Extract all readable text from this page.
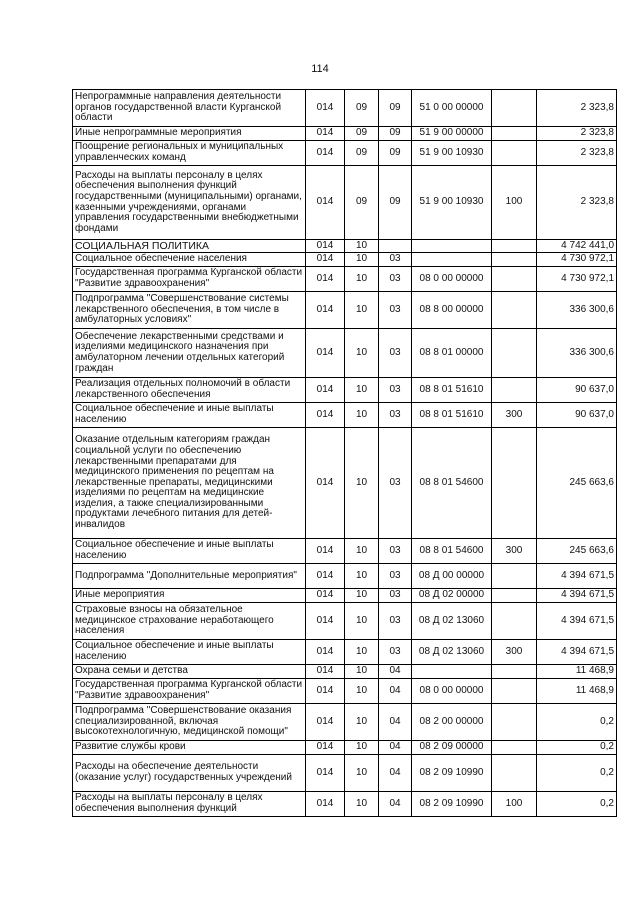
114
Непрограммные направления деятельности органов государственной власти Курганской области	014	09	09	51 0 00 00000		2 323,8
Иные непрограммные мероприятия	014	09	09	51 9 00 00000		2 323,8
Поощрение региональных и муниципальных управленческих команд	014	09	09	51 9 00 10930		2 323,8
Расходы на выплаты персоналу в целях обеспечения выполнения функций государственными (муниципальными) органами, казенными учреждениями, органами управления государственными внебюджетными фондами	014	09	09	51 9 00 10930	100	2 323,8
СОЦИАЛЬНАЯ ПОЛИТИКА	014	10				4 742 441,0
Социальное обеспечение населения	014	10	03			4 730 972,1
Государственная программа Курганской области "Развитие здравоохранения"	014	10	03	08 0 00 00000		4 730 972,1
Подпрограмма "Совершенствование системы лекарственного обеспечения, в том числе в амбулаторных условиях"	014	10	03	08 8 00 00000		336 300,6
Обеспечение лекарственными средствами и изделиями медицинского назначения при амбулаторном лечении отдельных категорий граждан	014	10	03	08 8 01 00000		336 300,6
Реализация отдельных полномочий в области лекарственного обеспечения	014	10	03	08 8 01 51610		90 637,0
Социальное обеспечение и иные выплаты населению	014	10	03	08 8 01 51610	300	90 637,0
Оказание отдельным категориям граждан социальной услуги по обеспечению лекарственными препаратами для медицинского применения по рецептам на лекарственные препараты, медицинскими изделиями по рецептам на медицинские изделия, а также специализированными продуктами лечебного питания для детей-инвалидов	014	10	03	08 8 01 54600		245 663,6
Социальное обеспечение и иные выплаты населению	014	10	03	08 8 01 54600	300	245 663,6
Подпрограмма "Дополнительные мероприятия"	014	10	03	08 Д 00 00000		4 394 671,5
Иные мероприятия	014	10	03	08 Д 02 00000		4 394 671,5
Страховые взносы на обязательное медицинское страхование неработающего населения	014	10	03	08 Д 02 13060		4 394 671,5
Социальное обеспечение и иные выплаты населению	014	10	03	08 Д 02 13060	300	4 394 671,5
Охрана семьи и детства	014	10	04			11 468,9
Государственная программа Курганской области "Развитие здравоохранения"	014	10	04	08 0 00 00000		11 468,9
Подпрограмма "Совершенствование оказания специализированной, включая высокотехнологичную, медицинской помощи"	014	10	04	08 2 00 00000		0,2
Развитие службы крови	014	10	04	08 2 09 00000		0,2
Расходы на обеспечение деятельности (оказание услуг) государственных учреждений	014	10	04	08 2 09 10990		0,2
Расходы на выплаты персоналу в целях обеспечения выполнения функций	014	10	04	08 2 09 10990	100	0,2
